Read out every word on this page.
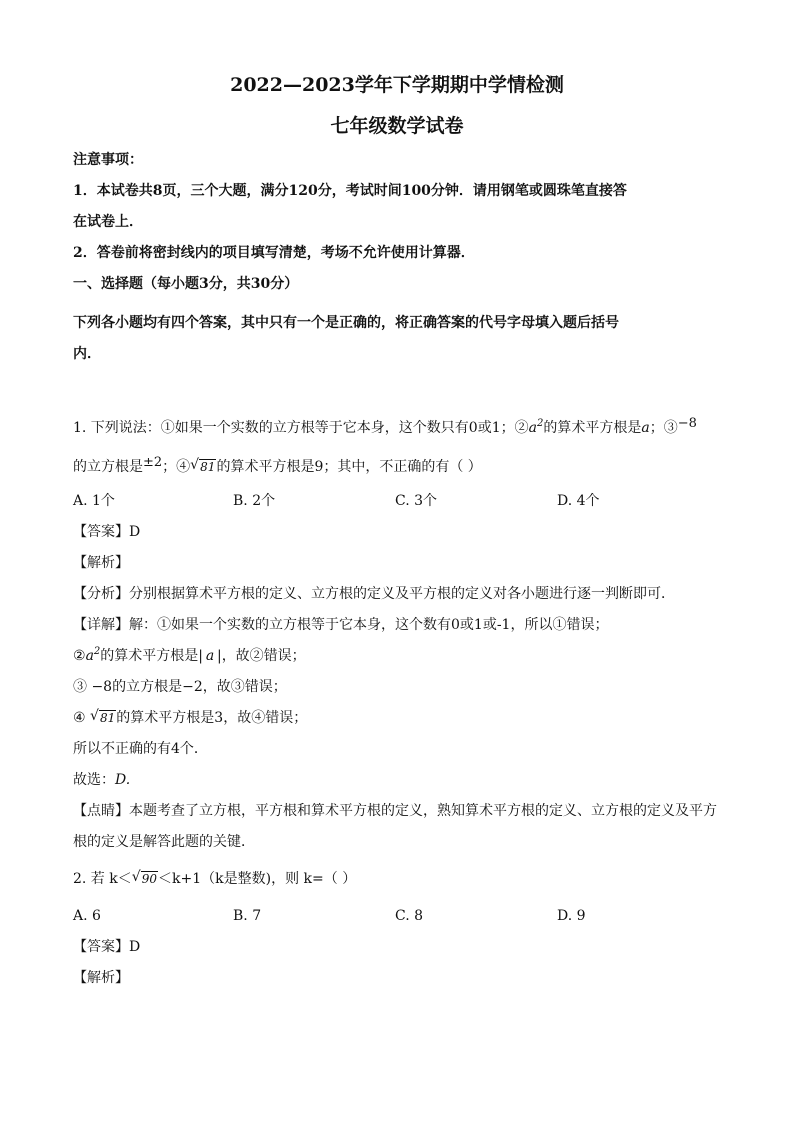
2022—2023学年下学期期中学情检测
七年级数学试卷
注意事项：
1．本试卷共8页，三个大题，满分120分，考试时间100分钟．请用钢笔或圆珠笔直接答
在试卷上．
2．答卷前将密封线内的项目填写清楚，考场不允许使用计算器．
一、选择题（每小题3分，共30分）
下列各小题均有四个答案，其中只有一个是正确的，将正确答案的代号字母填入题后括号
内．
1. 下列说法：①如果一个实数的立方根等于它本身，这个数只有0或1；$②a^2$的算术平方根是a；③$^{-8}$
的立方根是$^{\pm 2}$；④ √ 81的算术平方根是9；其中，不正确的有（ ）
A. 1个	B. 2个	C. 3个	D. 4个
【答案】D
【解析】
【分析】分别根据算术平方根的定义、立方根的定义及平方根的定义对各小题进行逐一判断即可．
【详解】解：①如果一个实数的立方根等于它本身，这个数有0或1或-1，所以①错误；
$②a^2$的算术平方根是|  a  |，故②错误；
③ −8的立方根是−2，故③错误；
④ √ 81的算术平方根是3，故④错误；
所以不正确的有4个．
故选：D.
【点睛】本题考查了立方根，平方根和算术平方根的定义，熟知算术平方根的定义、立方根的定义及平方
根的定义是解答此题的关键．
2. 若 k＜ √ 90＜k+1（k是整数)，则 k=（ ）
A. 6	B. 7	C. 8	D. 9
【答案】D
【解析】
